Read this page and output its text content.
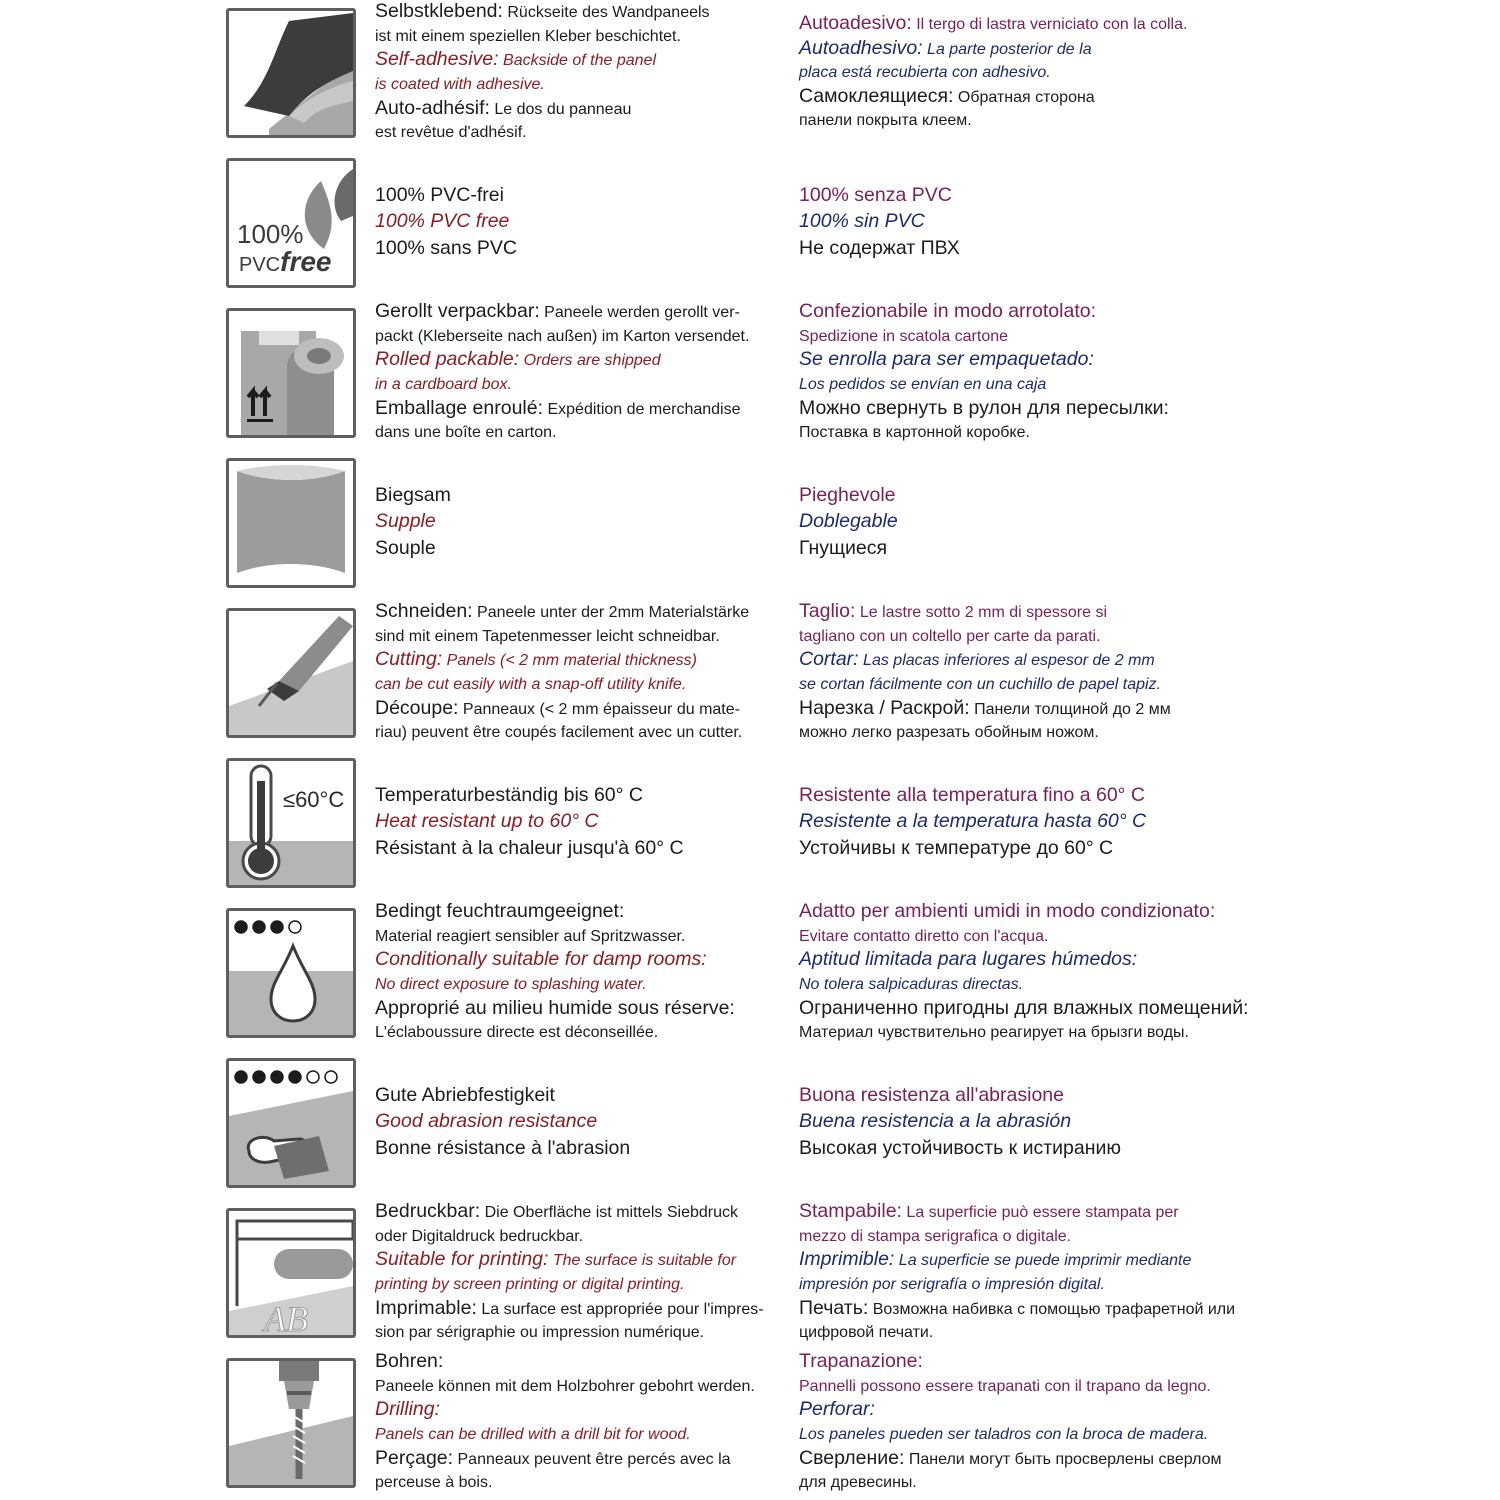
Selbstklebend: Rückseite des Wandpaneels
ist mit einem speziellen Kleber beschichtet.
Self-adhesive: Backside of the panel
is coated with adhesive.
Auto-adhésif: Le dos du panneau
est revêtue d'adhésif.
Autoadesivo: Il tergo di lastra verniciato con la colla.
Autoadhesivo: La parte posterior de la
placa está recubierta con adhesivo.
Самоклеящиеся: Обратная сторона
панели покрыта клеем.
100%
PVCfree
100% PVC-frei
100% PVC free
100% sans PVC
100% senza PVC
100% sin PVC
Не содержат ПВХ
Gerollt verpackbar: Paneele werden gerollt ver-
packt (Kleberseite nach außen) im Karton versendet.
Rolled packable: Orders are shipped
in a cardboard box.
Emballage enroulé: Expédition de merchandise
dans une boîte en carton.
Confezionabile in modo arrotolato:
Spedizione in scatola cartone
Se enrolla para ser empaquetado:
Los pedidos se envían en una caja
Можно свернуть в рулон для пересылки:
Поставка в картонной коробке.
Biegsam
Supple
Souple
Pieghevole
Doblegable
Гнущиеся
Schneiden: Paneele unter der 2mm Materialstärke
sind mit einem Tapetenmesser leicht schneidbar.
Cutting: Panels (< 2 mm material thickness)
can be cut easily with a snap-off utility knife.
Découpe: Panneaux (< 2 mm épaisseur du mate-
riau) peuvent être coupés facilement avec un cutter.
Taglio: Le lastre sotto 2 mm di spessore si
tagliano con un coltello per carte da parati.
Cortar: Las placas inferiores al espesor de 2 mm
se cortan fácilmente con un cuchillo de papel tapiz.
Нарезка / Раскрой: Панели толщиной до 2 мм
можно легко разрезать обойным ножом.
≤60°C Temperaturbeständig bis 60° C
Heat resistant up to 60° C
Résistant à la chaleur jusqu'à 60° C
Resistente alla temperatura fino a 60° C
Resistente a la temperatura hasta 60° C
Устойчивы к температуре до 60° С
Bedingt feuchtraumgeeignet:
Material reagiert sensibler auf Spritzwasser.
Conditionally suitable for damp rooms:
No direct exposure to splashing water.
Approprié au milieu humide sous réserve:
L'éclaboussure directe est déconseillée.
Adatto per ambienti umidi in modo condizionato:
Evitare contatto diretto con l'acqua.
Aptitud limitada para lugares húmedos:
No tolera salpicaduras directas.
Ограниченно пригодны для влажных помещений:
Материал чувствительно реагирует на брызги воды.
Gute Abriebfestigkeit
Good abrasion resistance
Bonne résistance à l'abrasion
Buona resistenza all'abrasione
Buena resistencia a la abrasión
Высокая устойчивость к истиранию
AB
Bedruckbar: Die Oberfläche ist mittels Siebdruck
oder Digitaldruck bedruckbar.
Suitable for printing: The surface is suitable for
printing by screen printing or digital printing.
Imprimable: La surface est appropriée pour l'impres-
sion par sérigraphie ou impression numérique.
Stampabile: La superficie può essere stampata per
mezzo di stampa serigrafica o digitale.
Imprimible: La superficie se puede imprimir mediante
impresión por serigrafía o impresión digital.
Печать: Возможна набивка с помощью трафаретной или
цифровой печати.
Bohren:
Paneele können mit dem Holzbohrer gebohrt werden.
Drilling:
Panels can be drilled with a drill bit for wood.
Perçage: Panneaux peuvent être percés avec la
perceuse à bois.
Trapanazione:
Pannelli possono essere trapanati con il trapano da legno.
Perforar:
Los paneles pueden ser taladros con la broca de madera.
Сверление: Панели могут быть просверлены сверлом
для древесины.
